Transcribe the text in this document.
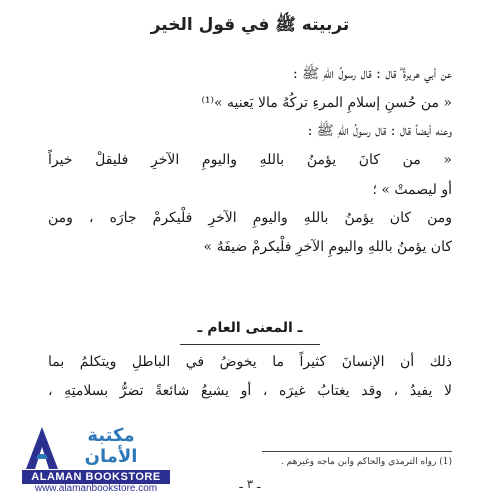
تربيته ﷺ في قول الخير
عن أبي هريرةَ ؓ قال : قال رسولُ اللهِ ﷺ :
« من حُسنِ إسلامِ المرءِ تركُهُ مالا يَعنيه »⁽¹⁾
وعنه أيضاً قال : قال رسولُ اللهِ ﷺ :
« من كانَ يؤمنُ باللهِ واليومِ الآخرِ فليقلْ خيراً
أو ليصمتْ » ؛
ومن كان يؤمنُ باللهِ واليومِ الآخرِ فلْيكرمْ جارَه ، ومن
كان يؤمنُ باللهِ واليومِ الآخرِ فلْيكرمْ ضيفَهُ »
ـ المعنى العام ـ
ذلك أن الإنسانَ كثيراً ما يخوضُ في الباطلِ ويتكلمُ بما
لا يفيدُ ، وقد يغتابُ غيرَه ، أو يشيعُ شائعةً تضرُّ بسلامتِهِ ،
(1) رواه الترمذي والحاكم وابن ماجه وغيرهم .
ـ ٣ ـ
مكتبة
الأمان
ALAMAN BOOKSTORE
www.alamanbookstore.com
